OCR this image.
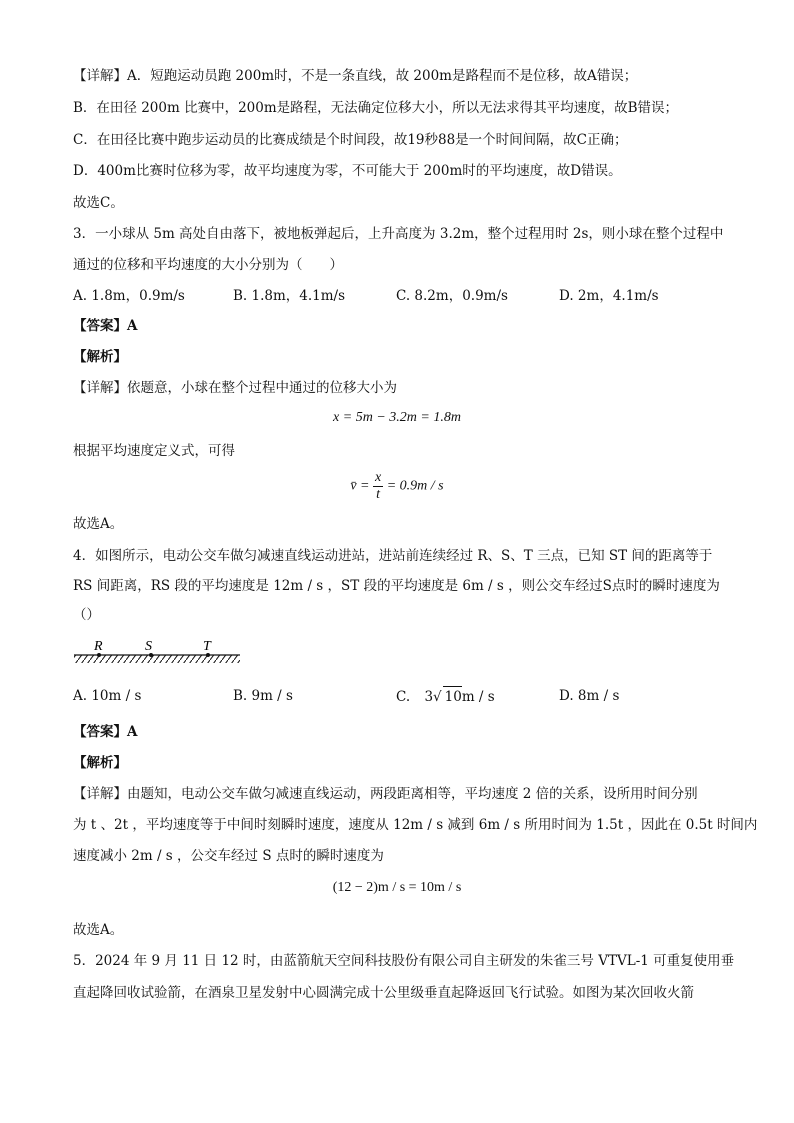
【详解】A．短跑运动员跑 200m时，不是一条直线，故 200m是路程而不是位移，故A错误；
B．在田径 200m 比赛中，200m是路程，无法确定位移大小，所以无法求得其平均速度，故B错误；
C．在田径比赛中跑步运动员的比赛成绩是个时间段，故19秒88是一个时间间隔，故C正确；
D．400m比赛时位移为零，故平均速度为零，不可能大于 200m时的平均速度，故D错误。
故选C。
3．一小球从 5m 高处自由落下，被地板弹起后，上升高度为 3.2m，整个过程用时 2s，则小球在整个过程中
通过的位移和平均速度的大小分别为（　　）
A. 1.8m，0.9m/s	B. 1.8m，4.1m/s	C. 8.2m，0.9m/s	D. 2m，4.1m/s
【答案】A
【解析】
【详解】依题意，小球在整个过程中通过的位移大小为
x = 5m − 3.2m = 1.8m
根据平均速度定义式，可得
v̄ = $\frac{x}{t} = 0.9m / s$
故选A。
4．如图所示，电动公交车做匀减速直线运动进站，进站前连续经过 R、S、T 三点，已知 ST 间的距离等于
RS 间距离，RS 段的平均速度是 12m / s ，ST 段的平均速度是 6m / s ，则公交车经过S点时的瞬时速度为
（）
R	S	T
A. 10m / s	B. 9m / s	C. 3√ 10m / s	D. 8m / s
【答案】A
【解析】
【详解】由题知，电动公交车做匀减速直线运动，两段距离相等，平均速度 2 倍的关系，设所用时间分别
为 t 、2t ，平均速度等于中间时刻瞬时速度，速度从 12m / s 减到 6m / s 所用时间为 1.5t ，因此在 0.5t 时间内
速度减小 2m / s ，公交车经过 S 点时的瞬时速度为
(12 − 2)m / s = 10m / s
故选A。
5．2024 年 9 月 11 日 12 时，由蓝箭航天空间科技股份有限公司自主研发的朱雀三号 VTVL-1 可重复使用垂
直起降回收试验箭，在酒泉卫星发射中心圆满完成十公里级垂直起降返回飞行试验。如图为某次回收火箭
